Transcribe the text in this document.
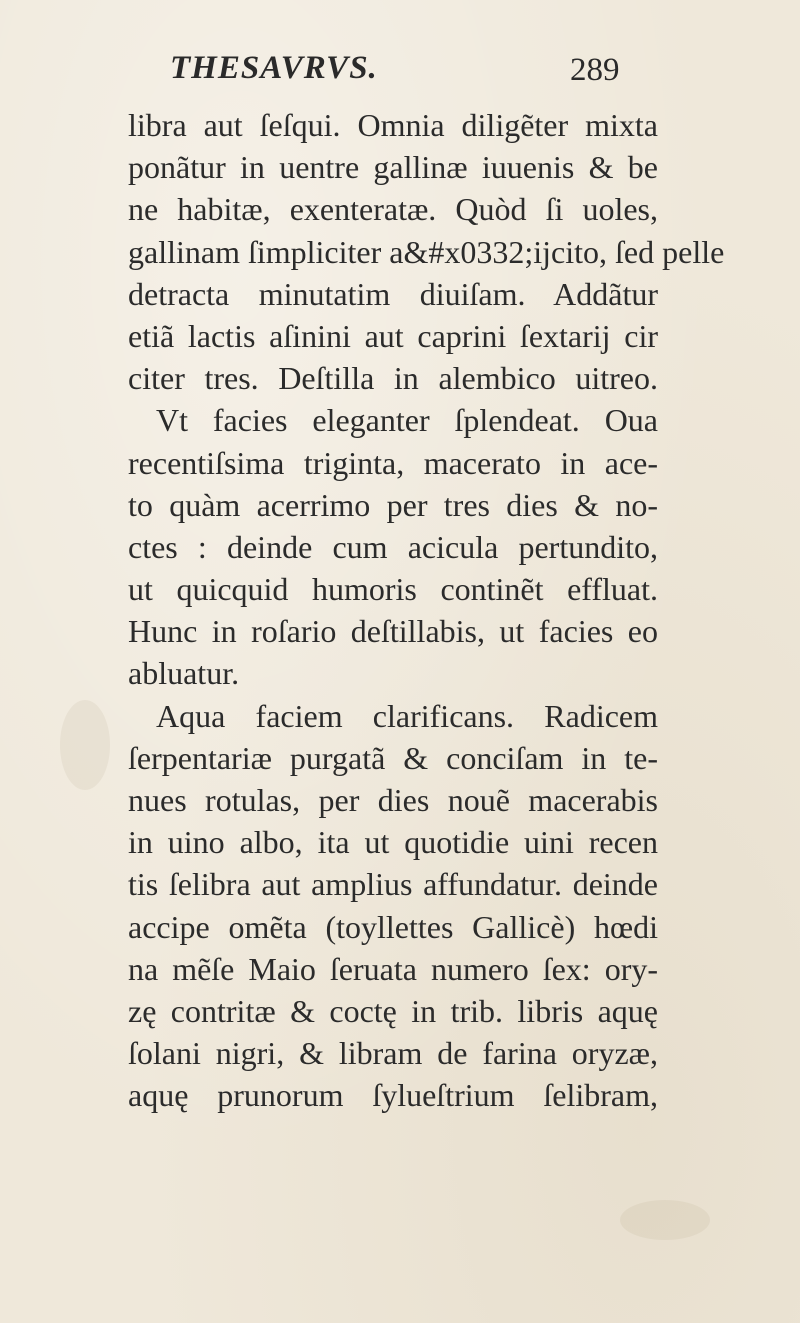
THESAVRVS.	289
libra aut ſeſqui. Omnia diligẽter mixta
ponãtur in uentre gallinæ iuuenis & be
ne habitæ, exenteratæ. Quòd ſi uoles,
gallinam ſimpliciter a&#x0332;ijcito, ſed pelle
detracta minutatim diuiſam. Addãtur
etiã lactis aſinini aut caprini ſextarij cir
citer tres. Deſtilla in alembico uitreo.
Vt facies eleganter ſplendeat. Oua
recentiſsima triginta, macerato in ace-
to quàm acerrimo per tres dies & no-
ctes : deinde cum acicula pertundito,
ut quicquid humoris continẽt effluat.
Hunc in roſario deſtillabis, ut facies eo
abluatur.
Aqua faciem clarificans. Radicem
ſerpentariæ purgatã & conciſam in te-
nues rotulas, per dies nouẽ macerabis
in uino albo, ita ut quotidie uini recen
tis ſelibra aut amplius affundatur. deinde
accipe omẽta (toyllettes Gallicè) hœdi
na mẽſe Maio ſeruata numero ſex: ory-
zę contritæ & coctę in trib. libris aquę
ſolani nigri, & libram de farina oryzæ,
aquę prunorum ſylueſtrium ſelibram,
